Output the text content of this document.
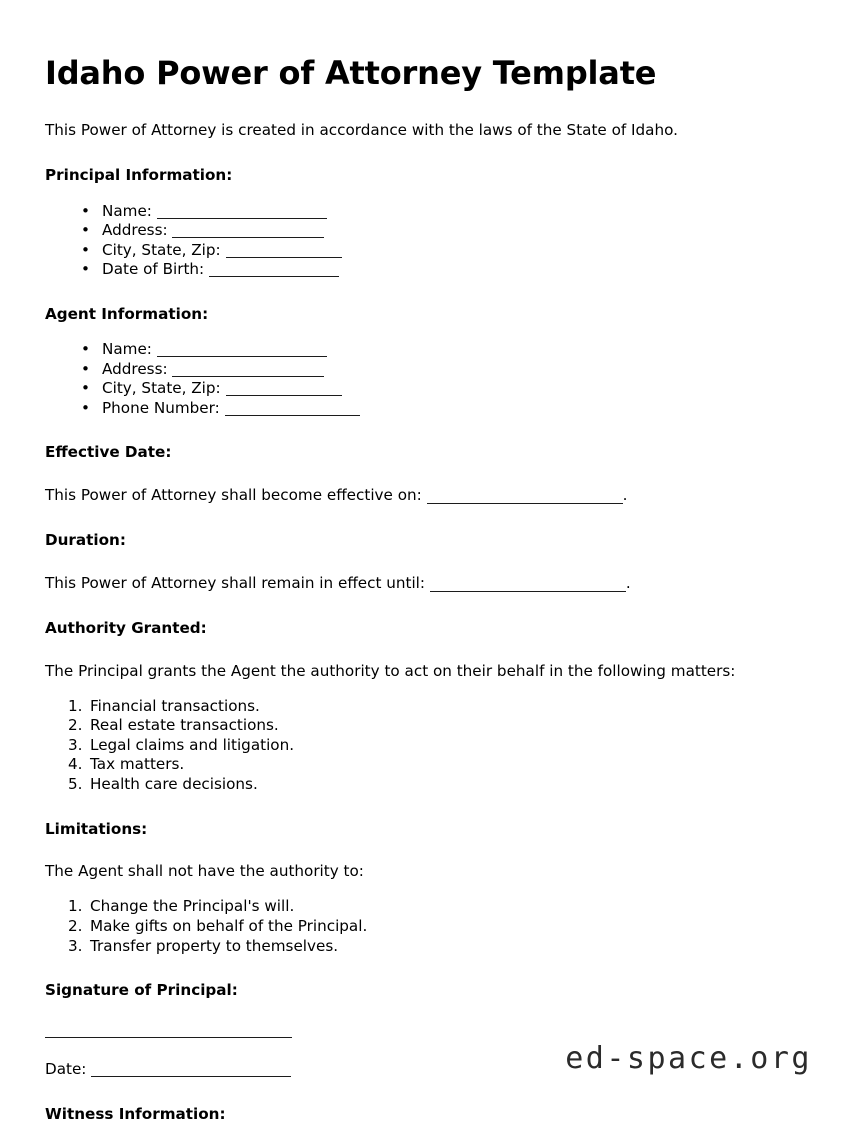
Idaho Power of Attorney Template

This Power of Attorney is created in accordance with the laws of the State of Idaho.

Principal Information:
• Name:
• Address:
• City, State, Zip:
• Date of Birth:
Agent Information:
• Name:
• Address:
• City, State, Zip:
• Phone Number:
Effective Date:

This Power of Attorney shall become effective on:	.

Duration:

This Power of Attorney shall remain in effect until:	.

Authority Granted:

The Principal grants the Agent the authority to act on their behalf in the following matters:

Financial transactions.
Real estate transactions.
Legal claims and litigation.
Tax matters.
Health care decisions.
Limitations:

The Agent shall not have the authority to:

Change the Principal's will.
Make gifts on behalf of the Principal.
Transfer property to themselves.
Signature of Principal:

Date:

Witness Information:
ed-space.org
